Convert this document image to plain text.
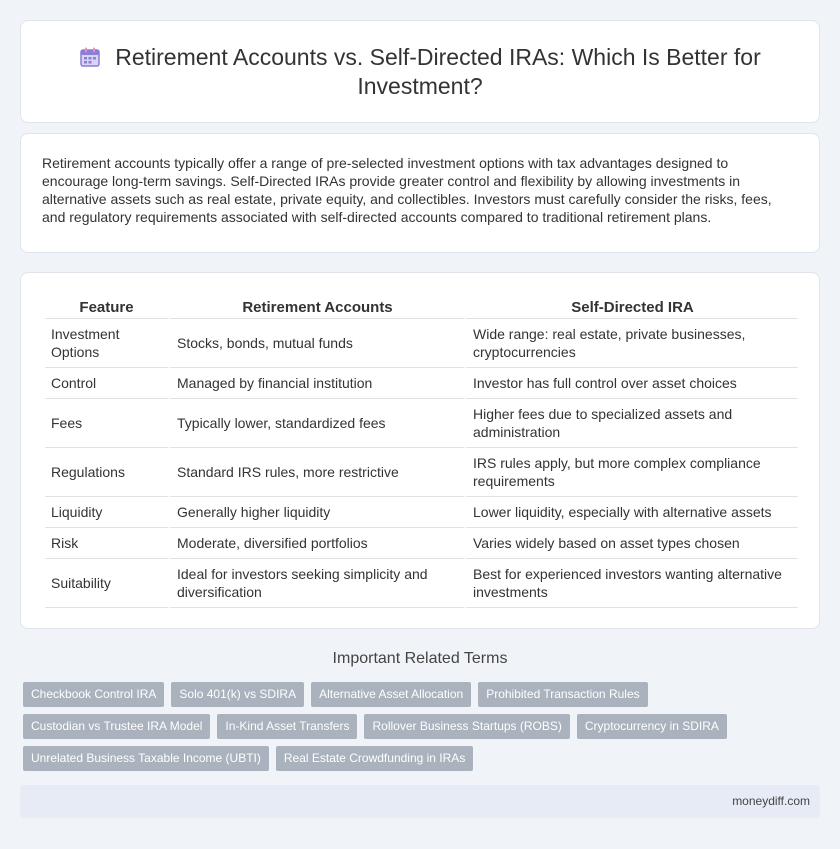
Retirement Accounts vs. Self-Directed IRAs: Which Is Better for Investment?

Retirement accounts typically offer a range of pre-selected investment options with tax advantages designed to encourage long-term savings. Self-Directed IRAs provide greater control and flexibility by allowing investments in alternative assets such as real estate, private equity, and collectibles. Investors must carefully consider the risks, fees, and regulatory requirements associated with self-directed accounts compared to traditional retirement plans.

Feature	Retirement Accounts	Self-Directed IRA
Investment Options	Stocks, bonds, mutual funds	Wide range: real estate, private businesses, cryptocurrencies
Control	Managed by financial institution	Investor has full control over asset choices
Fees	Typically lower, standardized fees	Higher fees due to specialized assets and administration
Regulations	Standard IRS rules, more restrictive	IRS rules apply, but more complex compliance requirements
Liquidity	Generally higher liquidity	Lower liquidity, especially with alternative assets
Risk	Moderate, diversified portfolios	Varies widely based on asset types chosen
Suitability	Ideal for investors seeking simplicity and diversification	Best for experienced investors wanting alternative investments
Important Related Terms
Checkbook Control IRA	Solo 401(k) vs SDIRA	Alternative Asset Allocation	Prohibited Transaction Rules
Custodian vs Trustee IRA Model	In-Kind Asset Transfers	Rollover Business Startups (ROBS)	Cryptocurrency in SDIRA
Unrelated Business Taxable Income (UBTI)	Real Estate Crowdfunding in IRAs
moneydiff.com
